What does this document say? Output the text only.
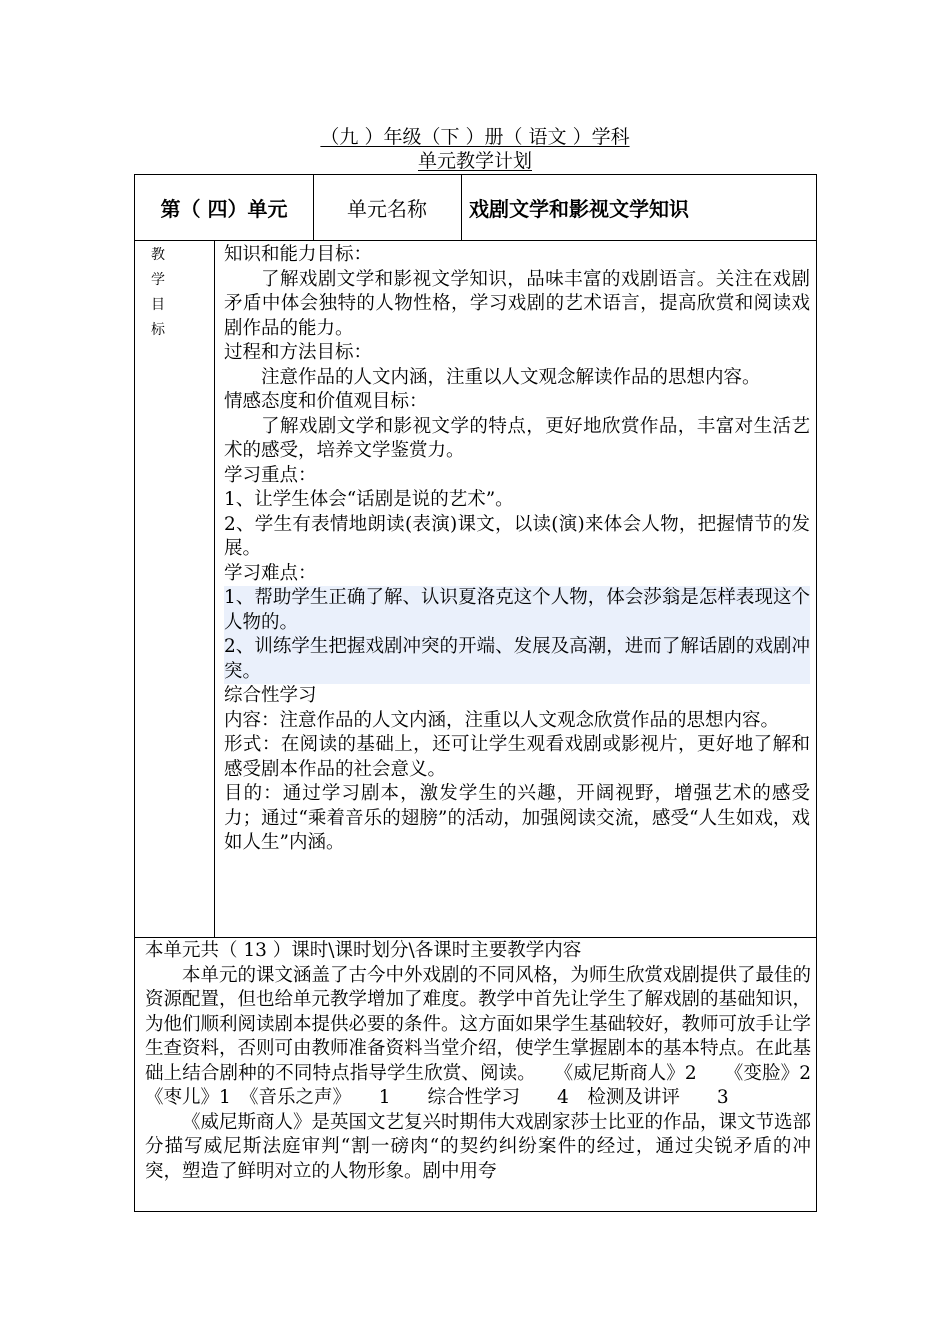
（九 ）年级（下 ）册（ 语文 ）学科
单元教学计划
第（ 四）单元	单元名称 戏剧文学和影视文学知识
教
学
目
标

知识和能力目标：

了解戏剧文学和影视文学知识，品味丰富的戏剧语言。关注在戏剧矛盾中体会独特的人物性格，学习戏剧的艺术语言，提高欣赏和阅读戏剧作品的能力。

过程和方法目标：

注意作品的人文内涵，注重以人文观念解读作品的思想内容。

情感态度和价值观目标：

了解戏剧文学和影视文学的特点，更好地欣赏作品，丰富对生活艺术的感受，培养文学鉴赏力。

学习重点：

1、让学生体会“话剧是说的艺术”。

2、学生有表情地朗读(表演)课文，以读(演)来体会人物，把握情节的发展。

学习难点：

1、帮助学生正确了解、认识夏洛克这个人物，体会莎翁是怎样表现这个人物的。

2、训练学生把握戏剧冲突的开端、发展及高潮，进而了解话剧的戏剧冲突。

综合性学习

内容：注意作品的人文内涵，注重以人文观念欣赏作品的思想内容。

形式：在阅读的基础上，还可让学生观看戏剧或影视片，更好地了解和感受剧本作品的社会意义。

目的：通过学习剧本，激发学生的兴趣，开阔视野，增强艺术的感受力；通过“乘着音乐的翅膀”的活动，加强阅读交流，感受“人生如戏，戏如人生”内涵。

本单元共（ 13 ）课时\课时划分\各课时主要教学内容

本单元的课文涵盖了古今中外戏剧的不同风格，为师生欣赏戏剧提供了最佳的资源配置，但也给单元教学增加了难度。教学中首先让学生了解戏剧的基础知识，为他们顺利阅读剧本提供必要的条件。这方面如果学生基础较好，教师可放手让学生查资料，否则可由教师准备资料当堂介绍，使学生掌握剧本的基本特点。在此基础上结合剧种的不同特点指导学生欣赏、阅读。　　《威尼斯商人》2　　《变脸》2　《枣儿》1　《音乐之声》　　1　　综合性学习　　4　检测及讲评　　3

《威尼斯商人》是英国文艺复兴时期伟大戏剧家莎士比亚的作品，课文节选部分描写威尼斯法庭审判“割一磅肉“的契约纠纷案件的经过，通过尖锐矛盾的冲突，塑造了鲜明对立的人物形象。剧中用夸
